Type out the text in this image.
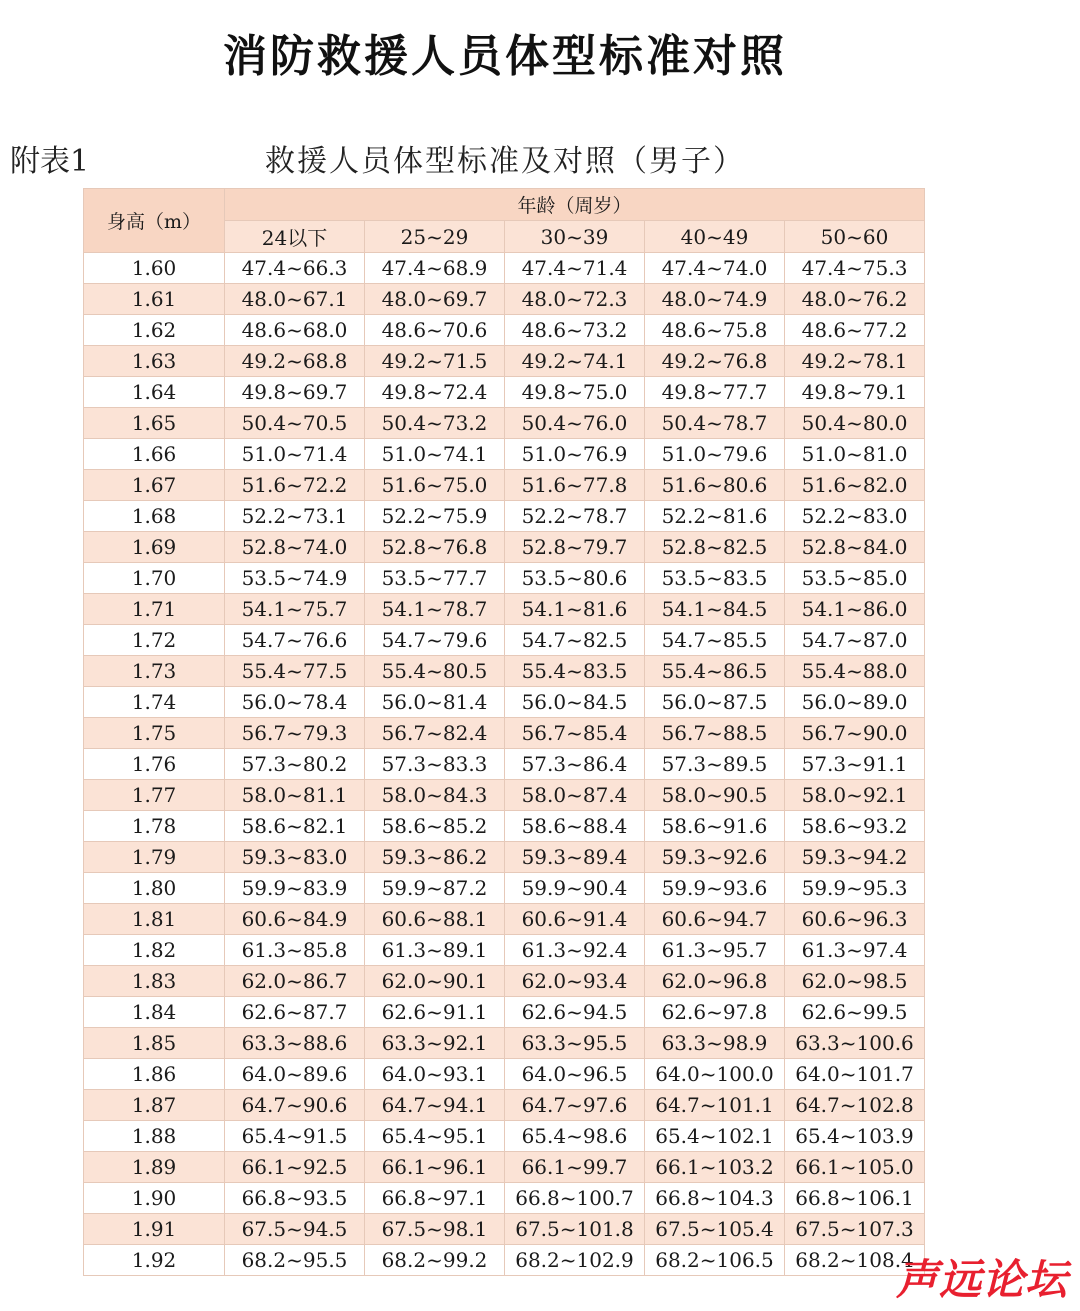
消防救援人员体型标准对照
附表1	救援人员体型标准及对照（男子）
身高（m）	年龄（周岁）				
	24以下	25~29	30~39	40~49	50~60
1.60	47.4~66.3	47.4~68.9	47.4~71.4	47.4~74.0	47.4~75.3
1.61	48.0~67.1	48.0~69.7	48.0~72.3	48.0~74.9	48.0~76.2
1.62	48.6~68.0	48.6~70.6	48.6~73.2	48.6~75.8	48.6~77.2
1.63	49.2~68.8	49.2~71.5	49.2~74.1	49.2~76.8	49.2~78.1
1.64	49.8~69.7	49.8~72.4	49.8~75.0	49.8~77.7	49.8~79.1
1.65	50.4~70.5	50.4~73.2	50.4~76.0	50.4~78.7	50.4~80.0
1.66	51.0~71.4	51.0~74.1	51.0~76.9	51.0~79.6	51.0~81.0
1.67	51.6~72.2	51.6~75.0	51.6~77.8	51.6~80.6	51.6~82.0
1.68	52.2~73.1	52.2~75.9	52.2~78.7	52.2~81.6	52.2~83.0
1.69	52.8~74.0	52.8~76.8	52.8~79.7	52.8~82.5	52.8~84.0
1.70	53.5~74.9	53.5~77.7	53.5~80.6	53.5~83.5	53.5~85.0
1.71	54.1~75.7	54.1~78.7	54.1~81.6	54.1~84.5	54.1~86.0
1.72	54.7~76.6	54.7~79.6	54.7~82.5	54.7~85.5	54.7~87.0
1.73	55.4~77.5	55.4~80.5	55.4~83.5	55.4~86.5	55.4~88.0
1.74	56.0~78.4	56.0~81.4	56.0~84.5	56.0~87.5	56.0~89.0
1.75	56.7~79.3	56.7~82.4	56.7~85.4	56.7~88.5	56.7~90.0
1.76	57.3~80.2	57.3~83.3	57.3~86.4	57.3~89.5	57.3~91.1
1.77	58.0~81.1	58.0~84.3	58.0~87.4	58.0~90.5	58.0~92.1
1.78	58.6~82.1	58.6~85.2	58.6~88.4	58.6~91.6	58.6~93.2
1.79	59.3~83.0	59.3~86.2	59.3~89.4	59.3~92.6	59.3~94.2
1.80	59.9~83.9	59.9~87.2	59.9~90.4	59.9~93.6	59.9~95.3
1.81	60.6~84.9	60.6~88.1	60.6~91.4	60.6~94.7	60.6~96.3
1.82	61.3~85.8	61.3~89.1	61.3~92.4	61.3~95.7	61.3~97.4
1.83	62.0~86.7	62.0~90.1	62.0~93.4	62.0~96.8	62.0~98.5
1.84	62.6~87.7	62.6~91.1	62.6~94.5	62.6~97.8	62.6~99.5
1.85	63.3~88.6	63.3~92.1	63.3~95.5	63.3~98.9	63.3~100.6
1.86	64.0~89.6	64.0~93.1	64.0~96.5	64.0~100.0	64.0~101.7
1.87	64.7~90.6	64.7~94.1	64.7~97.6	64.7~101.1	64.7~102.8
1.88	65.4~91.5	65.4~95.1	65.4~98.6	65.4~102.1	65.4~103.9
1.89	66.1~92.5	66.1~96.1	66.1~99.7	66.1~103.2	66.1~105.0
1.90	66.8~93.5	66.8~97.1	66.8~100.7	66.8~104.3	66.8~106.1
1.91	67.5~94.5	67.5~98.1	67.5~101.8	67.5~105.4	67.5~107.3
1.92	68.2~95.5	68.2~99.2	68.2~102.9	68.2~106.5	68.2~108.4
声远论坛
